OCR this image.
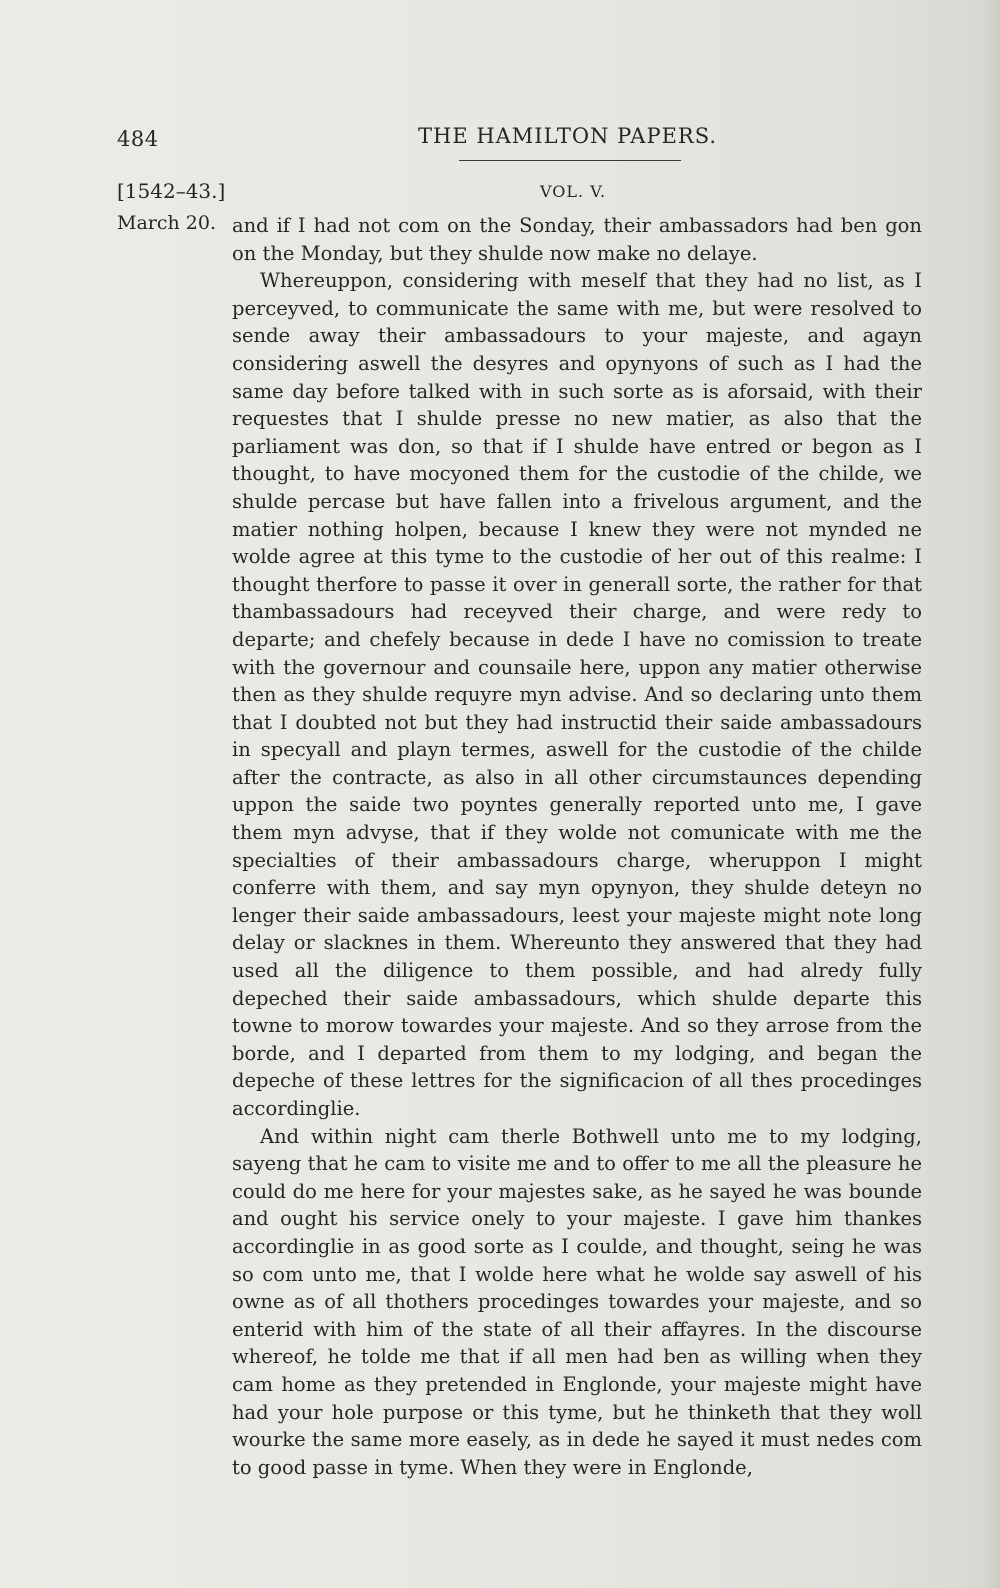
484	THE HAMILTON PAPERS.
[1542–43.]	VOL. V.
March 20. and if I had not com on the Sonday, their ambassadors had ben gon on the Monday, but they shulde now make no delaye.

Whereuppon, considering with meself that they had no list, as I perceyved, to communicate the same with me, but were resolved to sende away their ambassadours to your majeste, and agayn considering aswell the desyres and opynyons of such as I had the same day before talked with in such sorte as is aforsaid, with their requestes that I shulde presse no new matier, as also that the parliament was don, so that if I shulde have entred or begon as I thought, to have mocyoned them for the custodie of the childe, we shulde percase but have fallen into a frivelous argument, and the matier nothing holpen, because I knew they were not mynded ne wolde agree at this tyme to the custodie of her out of this realme: I thought therfore to passe it over in generall sorte, the rather for that thambassadours had receyved their charge, and were redy to departe; and chefely because in dede I have no comission to treate with the governour and counsaile here, uppon any matier otherwise then as they shulde requyre myn advise. And so declaring unto them that I doubted not but they had instructid their saide ambassadours in specyall and playn termes, aswell for the custodie of the childe after the contracte, as also in all other circumstaunces depending uppon the saide two poyntes generally reported unto me, I gave them myn advyse, that if they wolde not comunicate with me the specialties of their ambassadours charge, wheruppon I might conferre with them, and say myn opynyon, they shulde deteyn no lenger their saide ambassadours, leest your majeste might note long delay or slacknes in them. Whereunto they answered that they had used all the diligence to them possible, and had alredy fully depeched their saide ambassadours, which shulde departe this towne to morow towardes your majeste. And so they arrose from the borde, and I departed from them to my lodging, and began the depeche of these lettres for the significacion of all thes procedinges accordinglie.

And within night cam therle Bothwell unto me to my lodging, sayeng that he cam to visite me and to offer to me all the pleasure he could do me here for your majestes sake, as he sayed he was bounde and ought his service onely to your majeste. I gave him thankes accordinglie in as good sorte as I coulde, and thought, seing he was so com unto me, that I wolde here what he wolde say aswell of his owne as of all thothers procedinges towardes your majeste, and so enterid with him of the state of all their affayres. In the discourse whereof, he tolde me that if all men had ben as willing when they cam home as they pretended in Englonde, your majeste might have had your hole purpose or this tyme, but he thinketh that they woll wourke the same more easely, as in dede he sayed it must nedes com to good passe in tyme. When they were in Englonde,
